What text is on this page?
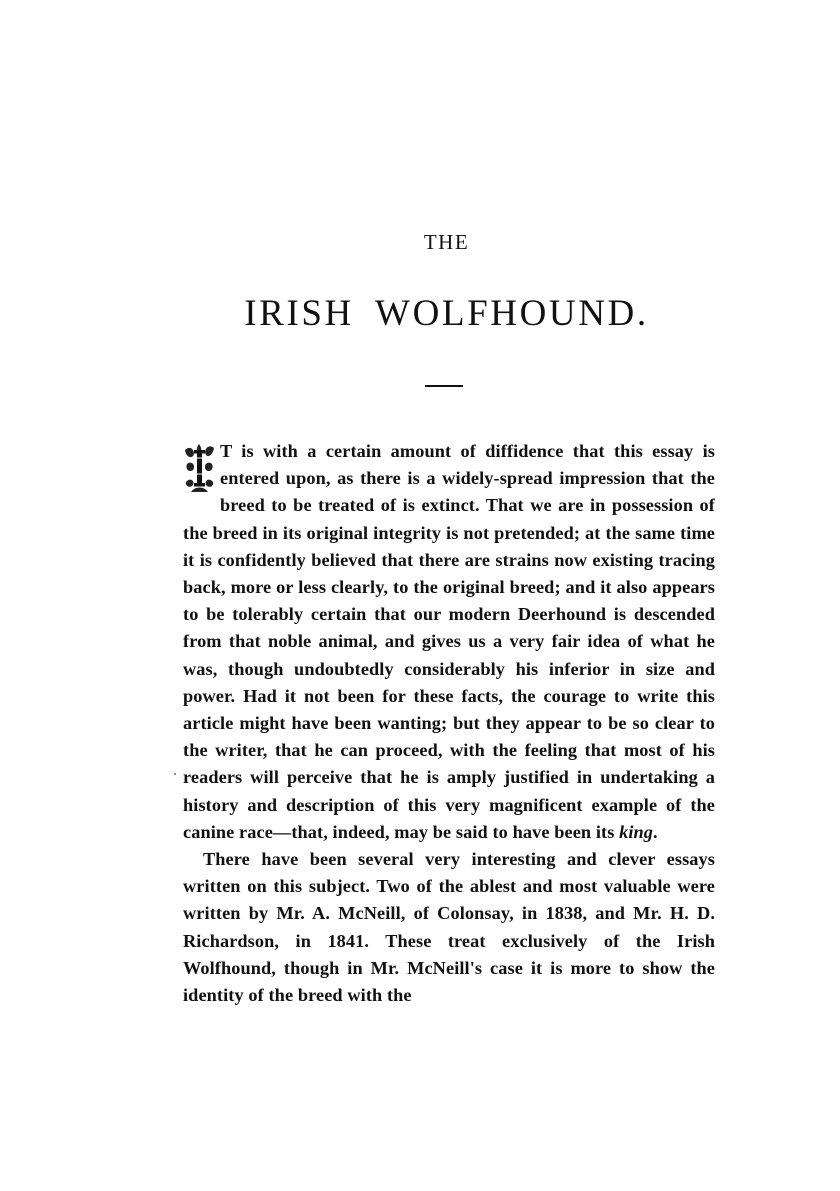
THE
IRISH WOLFHOUND.

T is with a certain amount of diffidence that this essay is entered upon, as there is a widely-spread impression that the breed to be treated of is extinct. That we are in possession of the breed in its original integrity is not pretended; at the same time it is confidently believed that there are strains now existing tracing back, more or less clearly, to the original breed; and it also appears to be tolerably certain that our modern Deerhound is descended from that noble animal, and gives us a very fair idea of what he was, though undoubtedly considerably his inferior in size and power. Had it not been for these facts, the courage to write this article might have been wanting; but they appear to be so clear to the writer, that he can proceed, with the feeling that most of his readers will perceive that he is amply justified in undertaking a history and description of this very magnificent example of the canine race—that, indeed, may be said to have been its king.

There have been several very interesting and clever essays written on this subject. Two of the ablest and most valuable were written by Mr. A. McNeill, of Colonsay, in 1838, and Mr. H. D. Richardson, in 1841. These treat exclusively of the Irish Wolfhound, though in Mr. McNeill's case it is more to show the identity of the breed with the
